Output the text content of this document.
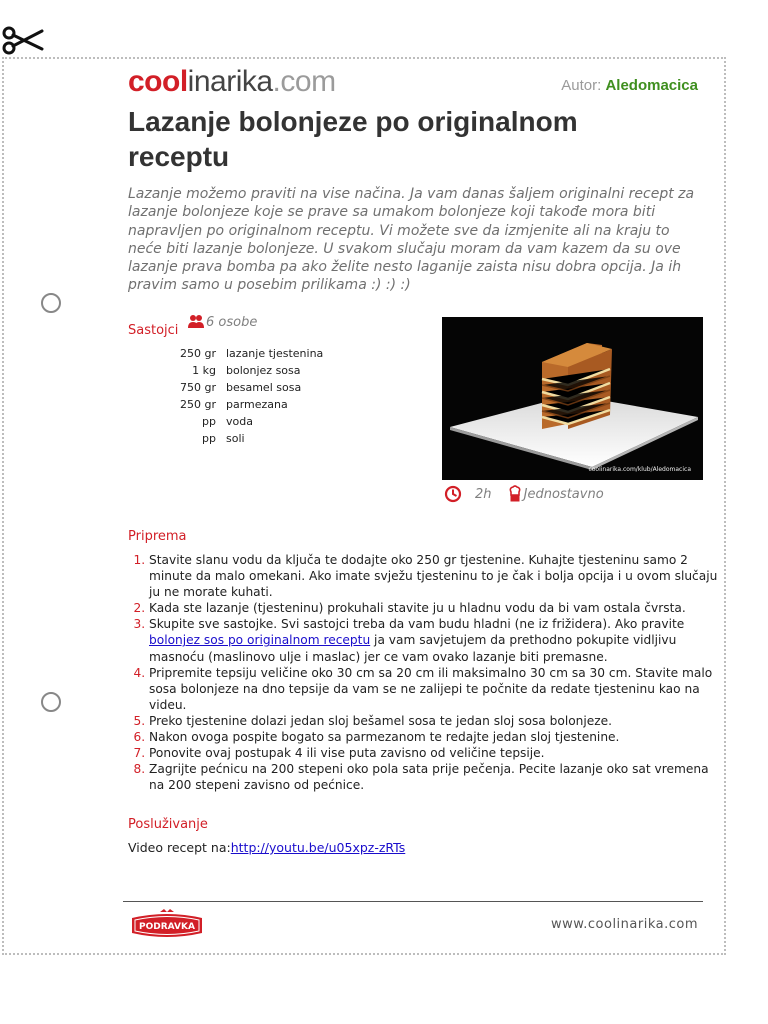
coolinarika.com	Autor: Aledomacica
Lazanje bolonjeze po originalnom receptu

Lazanje možemo praviti na vise načina. Ja vam danas šaljem originalni recept za lazanje bolonjeze koje se prave sa umakom bolonjeze koji takođe mora biti napravljen po originalnom receptu. Vi možete sve da izmjenite ali na kraju to neće biti lazanje bolonjeze. U svakom slučaju moram da vam kazem da su ove lazanje prava bomba pa ako želite nesto laganije zaista nisu dobra opcija. Ja ih pravim samo u posebim prilikama :) :) :)

Sastojci
6 osobe
250 gr	lazanje tjestenina
1 kg	bolonjez sosa
750 gr	besamel sosa
250 gr	parmezana
pp	voda
pp	soli
coolinarika.com/klub/Aledomacica
2h
Jednostavno
Priprema
1. Stavite slanu vodu da ključa te dodajte oko 250 gr tjestenine. Kuhajte tjesteninu samo 2 minute da malo omekani. Ako imate svježu tjesteninu to je čak i bolja opcija i u ovom slučaju ju ne morate kuhati.
2. Kada ste lazanje (tjesteninu) prokuhali stavite ju u hladnu vodu da bi vam ostala čvrsta.
3. Skupite sve sastojke. Svi sastojci treba da vam budu hladni (ne iz frižidera). Ako pravite bolonjez sos po originalnom receptu ja vam savjetujem da prethodno pokupite vidljivu masnoću (maslinovo ulje i maslac) jer ce vam ovako lazanje biti premasne.
4. Pripremite tepsiju veličine oko 30 cm sa 20 cm ili maksimalno 30 cm sa 30 cm. Stavite malo sosa bolonjeze na dno tepsije da vam se ne zalijepi te počnite da redate tjesteninu kao na videu.
5. Preko tjestenine dolazi jedan sloj bešamel sosa te jedan sloj sosa bolonjeze.
6. Nakon ovoga pospite bogato sa parmezanom te redajte jedan sloj tjestenine.
7. Ponovite ovaj postupak 4 ili vise puta zavisno od veličine tepsije.
8. Zagrijte pećnicu na 200 stepeni oko pola sata prije pečenja. Pecite lazanje oko sat vremena na 200 stepeni zavisno od pećnice.
Posluživanje
Video recept na:http://youtu.be/u05xpz-zRTs
PODRAVKA	www.coolinarika.com
